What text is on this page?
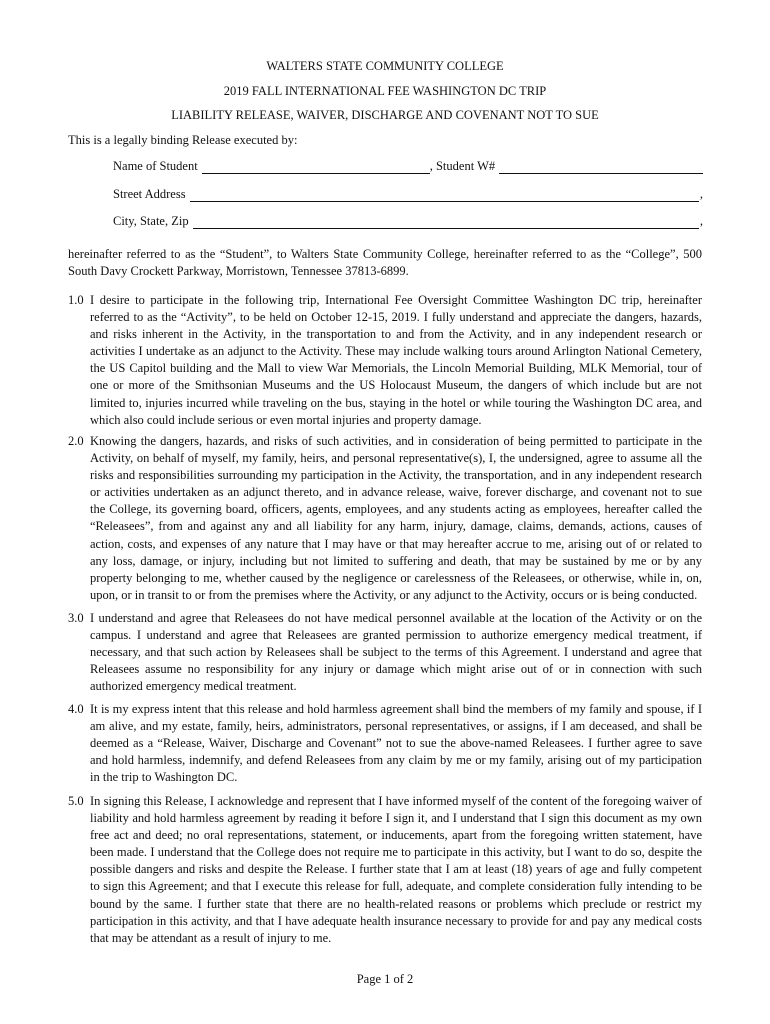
WALTERS STATE COMMUNITY COLLEGE
2019 FALL INTERNATIONAL FEE WASHINGTON DC TRIP
LIABILITY RELEASE, WAIVER, DISCHARGE AND COVENANT NOT TO SUE
This is a legally binding Release executed by:
Name of Student	, Student W#
Street Address	,
City, State, Zip	,

hereinafter referred to as the “Student”, to Walters State Community College, hereinafter referred to as the “College”, 500 South Davy Crockett Parkway, Morristown, Tennessee 37813-6899.

1.0 I desire to participate in the following trip, International Fee Oversight Committee Washington DC trip, hereinafter referred to as the “Activity”, to be held on October 12-15, 2019. I fully understand and appreciate the dangers, hazards, and risks inherent in the Activity, in the transportation to and from the Activity, and in any independent research or activities I undertake as an adjunct to the Activity. These may include walking tours around Arlington National Cemetery, the US Capitol building and the Mall to view War Memorials, the Lincoln Memorial Building, MLK Memorial, tour of one or more of the Smithsonian Museums and the US Holocaust Museum, the dangers of which include but are not limited to, injuries incurred while traveling on the bus, staying in the hotel or while touring the Washington DC area, and which also could include serious or even mortal injuries and property damage.
2.0 Knowing the dangers, hazards, and risks of such activities, and in consideration of being permitted to participate in the Activity, on behalf of myself, my family, heirs, and personal representative(s), I, the undersigned, agree to assume all the risks and responsibilities surrounding my participation in the Activity, the transportation, and in any independent research or activities undertaken as an adjunct thereto, and in advance release, waive, forever discharge, and covenant not to sue the College, its governing board, officers, agents, employees, and any students acting as employees, hereafter called the “Releasees”, from and against any and all liability for any harm, injury, damage, claims, demands, actions, causes of action, costs, and expenses of any nature that I may have or that may hereafter accrue to me, arising out of or related to any loss, damage, or injury, including but not limited to suffering and death, that may be sustained by me or by any property belonging to me, whether caused by the negligence or carelessness of the Releasees, or otherwise, while in, on, upon, or in transit to or from the premises where the Activity, or any adjunct to the Activity, occurs or is being conducted.
3.0 I understand and agree that Releasees do not have medical personnel available at the location of the Activity or on the campus. I understand and agree that Releasees are granted permission to authorize emergency medical treatment, if necessary, and that such action by Releasees shall be subject to the terms of this Agreement. I understand and agree that Releasees assume no responsibility for any injury or damage which might arise out of or in connection with such authorized emergency medical treatment.
4.0 It is my express intent that this release and hold harmless agreement shall bind the members of my family and spouse, if I am alive, and my estate, family, heirs, administrators, personal representatives, or assigns, if I am deceased, and shall be deemed as a “Release, Waiver, Discharge and Covenant” not to sue the above-named Releasees. I further agree to save and hold harmless, indemnify, and defend Releasees from any claim by me or my family, arising out of my participation in the trip to Washington DC.
5.0 In signing this Release, I acknowledge and represent that I have informed myself of the content of the foregoing waiver of liability and hold harmless agreement by reading it before I sign it, and I understand that I sign this document as my own free act and deed; no oral representations, statement, or inducements, apart from the foregoing written statement, have been made. I understand that the College does not require me to participate in this activity, but I want to do so, despite the possible dangers and risks and despite the Release. I further state that I am at least (18) years of age and fully competent to sign this Agreement; and that I execute this release for full, adequate, and complete consideration fully intending to be bound by the same. I further state that there are no health-related reasons or problems which preclude or restrict my participation in this activity, and that I have adequate health insurance necessary to provide for and pay any medical costs that may be attendant as a result of injury to me.
Page 1 of 2
